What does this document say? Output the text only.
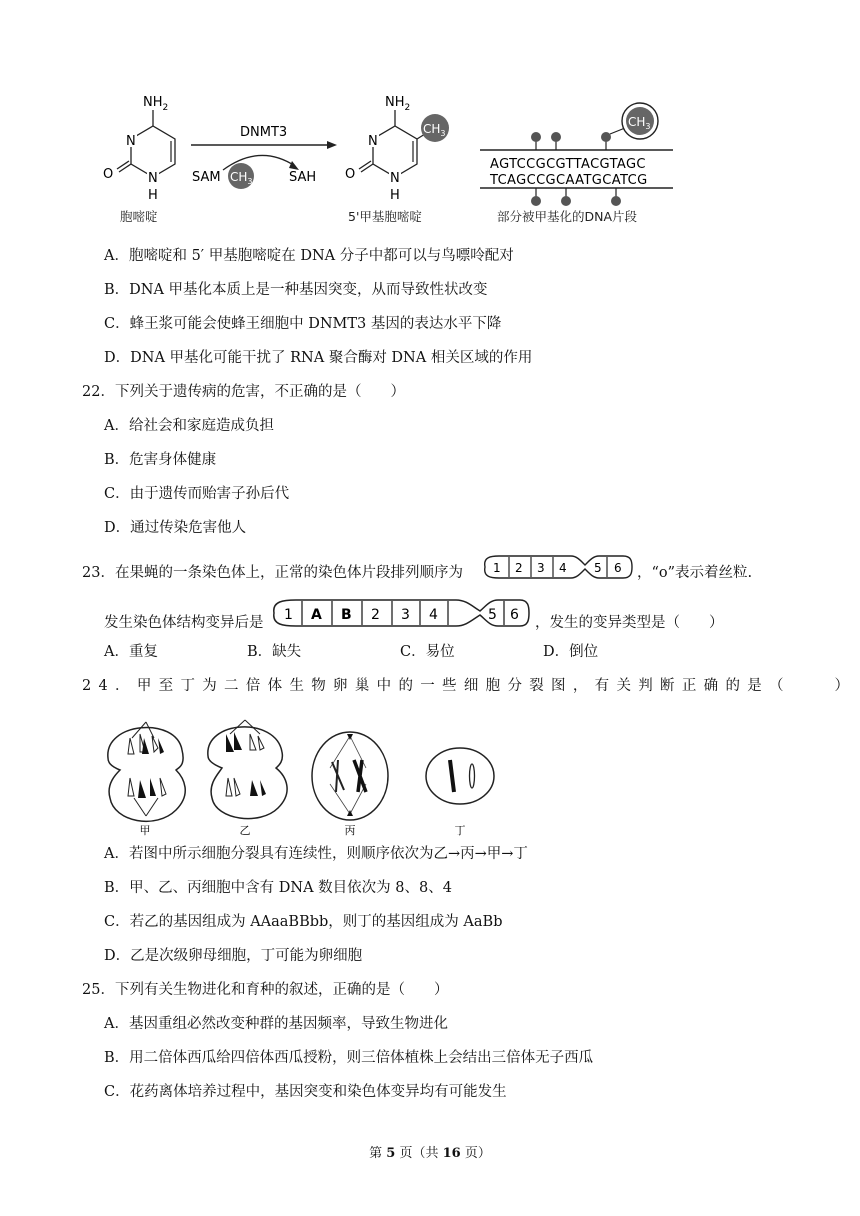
$NH_2$
N
N
H
O
胞嘧啶
DNMT3
SAM $CH_3$	SAH
$NH_2$
$CH_3$
N
N
H
O
5'甲基胞嘧啶
$CH_3$
AGTCCGCGTTACGTAGC
TCAGCCGCAATGCATCG
部分被甲基化的DNA片段
A．胞嘧啶和 5′ 甲基胞嘧啶在 DNA 分子中都可以与鸟嘌呤配对
B．DNA 甲基化本质上是一种基因突变，从而导致性状改变
C．蜂王浆可能会使蜂王细胞中 DNMT3 基因的表达水平下降
D．DNA 甲基化可能干扰了 RNA 聚合酶对 DNA 相关区域的作用
22．下列关于遗传病的危害，不正确的是（　　）
A．给社会和家庭造成负担
B．危害身体健康
C．由于遗传而贻害子孙后代
D．通过传染危害他人
23．在果蝇的一条染色体上，正常的染色体片段排列顺序为	1 2 3 4 5 6 ，“o”表示着丝粒.
发生染色体结构变异后是 1 A B 2 3 4	5 6 ，发生的变异类型是（　　）
A．重复	B．缺失	C．易位	D．倒位
24．甲至丁为二倍体生物卵巢中的一些细胞分裂图，有关判断正确的是（　　）
甲	乙	丙	丁
A．若图中所示细胞分裂具有连续性，则顺序依次为乙→丙→甲→丁
B．甲、乙、丙细胞中含有 DNA 数目依次为 8、8、4
C．若乙的基因组成为 AAaaBBbb，则丁的基因组成为 AaBb
D．乙是次级卵母细胞，丁可能为卵细胞
25．下列有关生物进化和育种的叙述，正确的是（　　）
A．基因重组必然改变种群的基因频率，导致生物进化
B．用二倍体西瓜给四倍体西瓜授粉，则三倍体植株上会结出三倍体无子西瓜
C．花药离体培养过程中，基因突变和染色体变异均有可能发生
第 5 页（共 16 页）
